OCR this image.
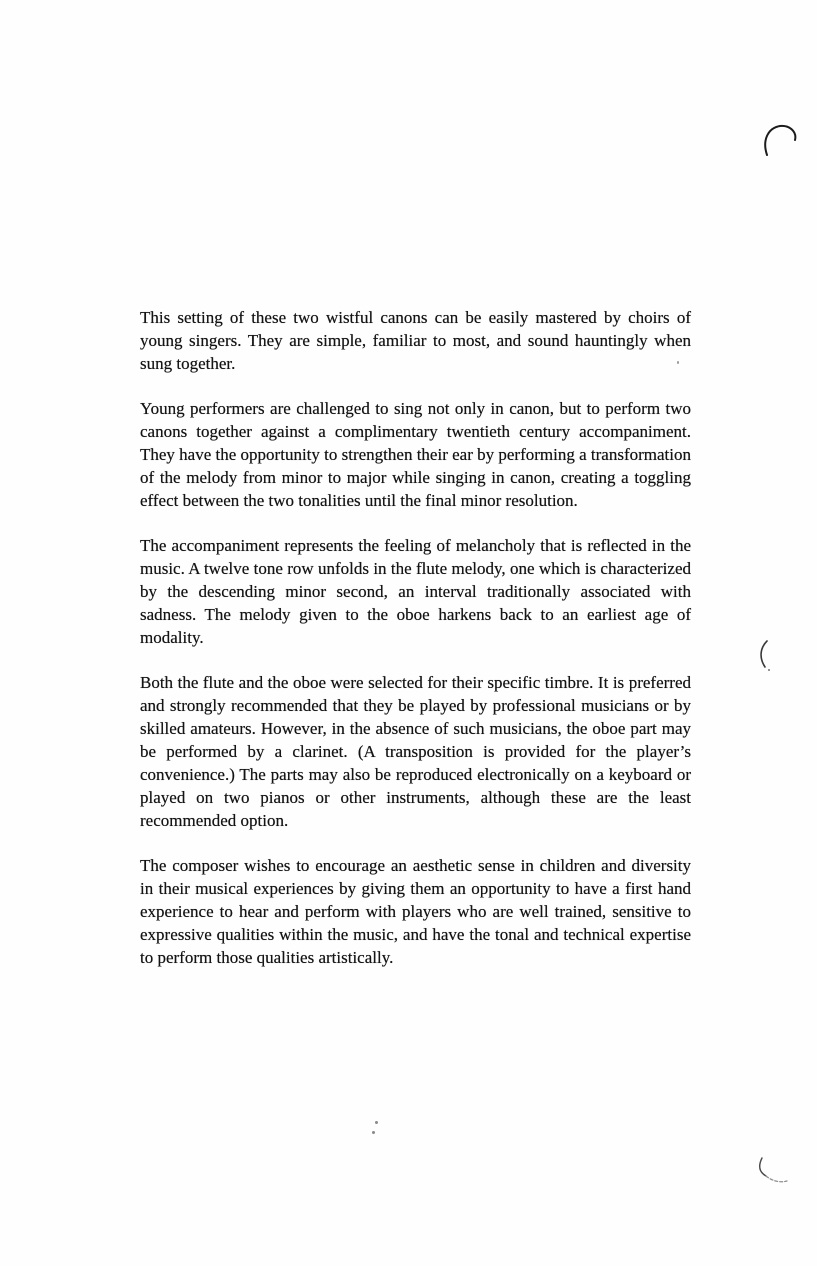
This setting of these two wistful canons can be easily mastered by choirs of young singers. They are simple, familiar to most, and sound hauntingly when sung together.

Young performers are challenged to sing not only in canon, but to perform two canons together against a complimentary twentieth century accompaniment. They have the opportunity to strengthen their ear by performing a transformation of the melody from minor to major while singing in canon, creating a toggling effect between the two tonalities until the final minor resolution.

The accompaniment represents the feeling of melancholy that is reflected in the music. A twelve tone row unfolds in the flute melody, one which is characterized by the descending minor second, an interval traditionally associated with sadness. The melody given to the oboe harkens back to an earliest age of modality.

Both the flute and the oboe were selected for their specific timbre. It is preferred and strongly recommended that they be played by professional musicians or by skilled amateurs. However, in the absence of such musicians, the oboe part may be performed by a clarinet. (A transposition is provided for the player’s convenience.) The parts may also be reproduced electronically on a keyboard or played on two pianos or other instruments, although these are the least recommended option.

The composer wishes to encourage an aesthetic sense in children and diversity in their musical experiences by giving them an opportunity to have a first hand experience to hear and perform with players who are well trained, sensitive to expressive qualities within the music, and have the tonal and technical expertise to perform those qualities artistically.
